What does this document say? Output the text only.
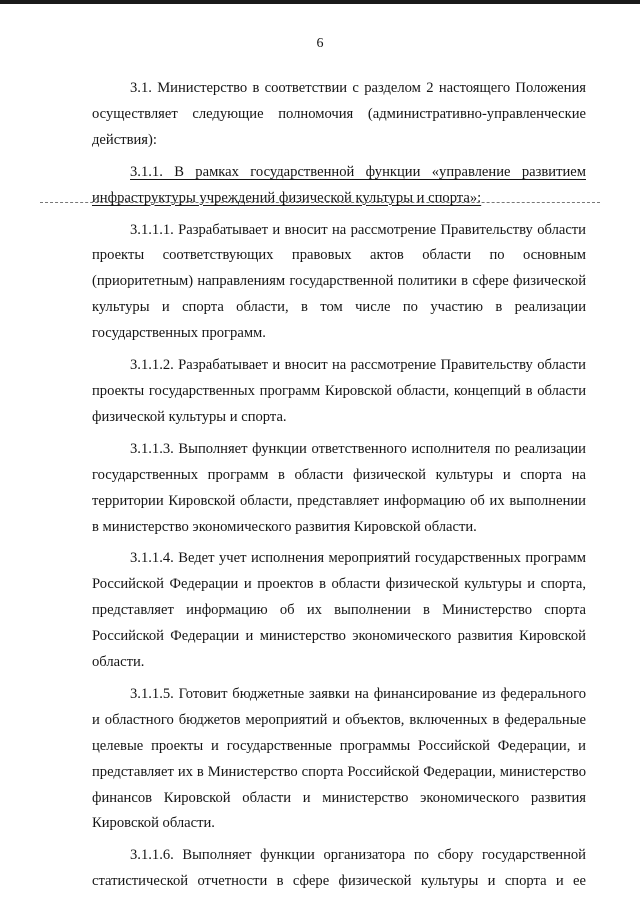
6

3.1. Министерство в соответствии с разделом 2 настоящего Положения осуществляет следующие полномочия (административно-управленческие действия):

3.1.1. В рамках государственной функции «управление развитием инфраструктуры учреждений физической культуры и спорта»:

3.1.1.1. Разрабатывает и вносит на рассмотрение Правительству области проекты соответствующих правовых актов области по основным (приоритетным) направлениям государственной политики в сфере физической культуры и спорта области, в том числе по участию в реализации государственных программ.

3.1.1.2. Разрабатывает и вносит на рассмотрение Правительству области проекты государственных программ Кировской области, концепций в области физической культуры и спорта.

3.1.1.3. Выполняет функции ответственного исполнителя по реализации государственных программ в области физической культуры и спорта на территории Кировской области, представляет информацию об их выполнении в министерство экономического развития Кировской области.

3.1.1.4. Ведет учет исполнения мероприятий государственных программ Российской Федерации и проектов в области физической культуры и спорта, представляет информацию об их выполнении в Министерство спорта Российской Федерации и министерство экономического развития Кировской области.

3.1.1.5. Готовит бюджетные заявки на финансирование из федерального и областного бюджетов мероприятий и объектов, включенных в федеральные целевые проекты и государственные программы Российской Федерации, и представляет их в Министерство спорта Российской Федерации, министерство финансов Кировской области и министерство экономического развития Кировской области.

3.1.1.6. Выполняет функции организатора по сбору государственной статистической отчетности в сфере физической культуры и спорта и ее
